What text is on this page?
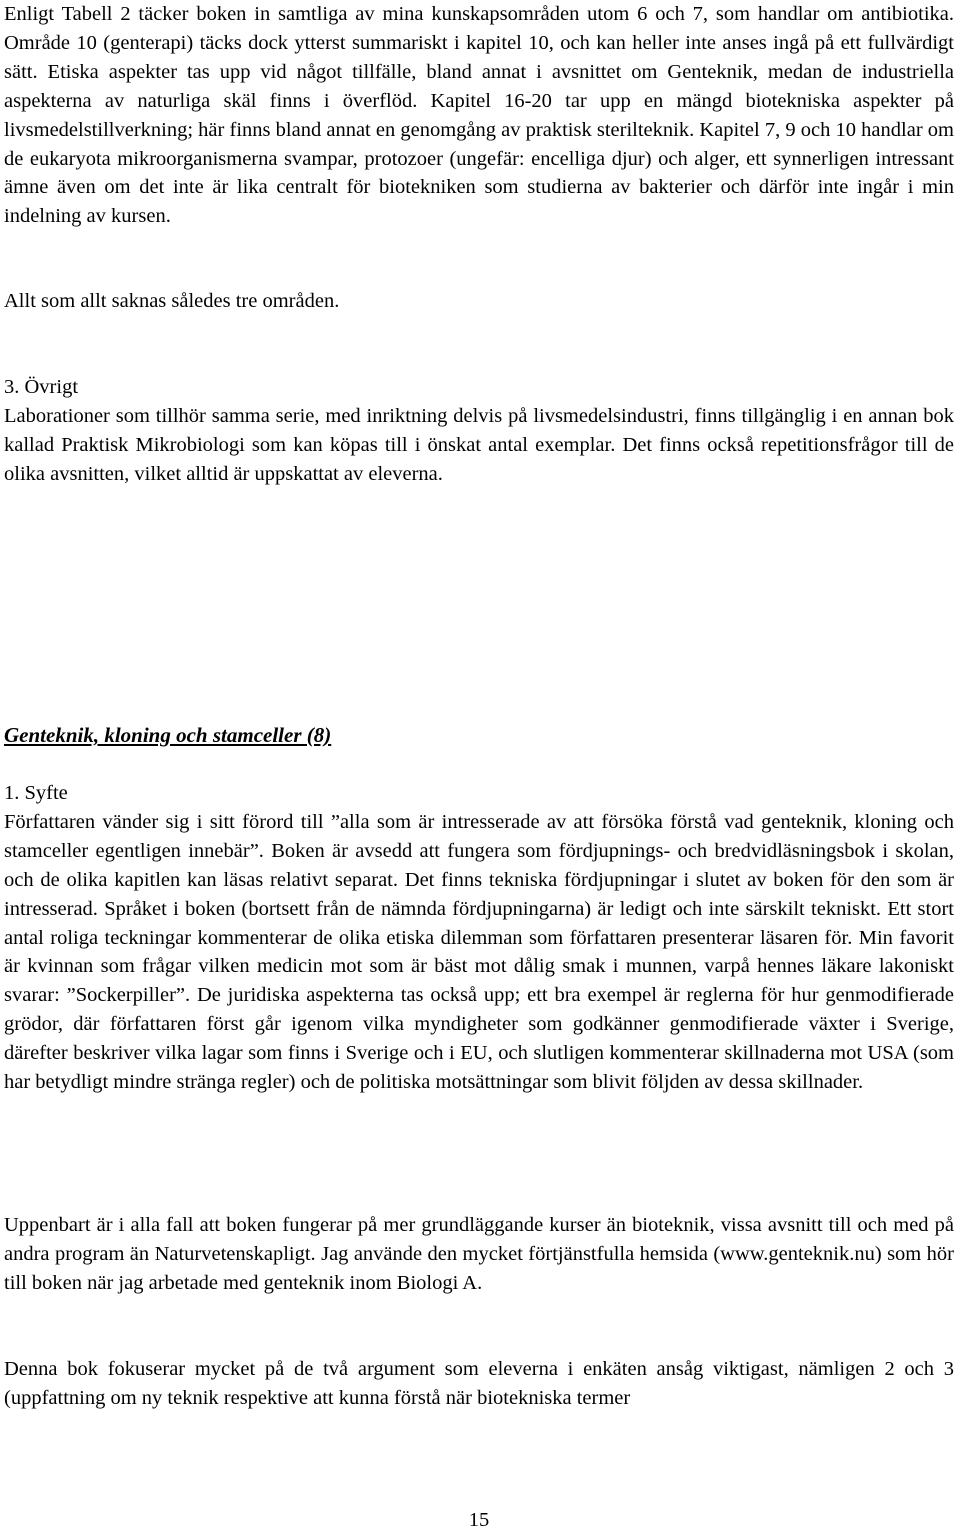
Enligt Tabell 2 täcker boken in samtliga av mina kunskapsområden utom 6 och 7, som handlar om antibiotika. Område 10 (genterapi) täcks dock ytterst summariskt i kapitel 10, och kan heller inte anses ingå på ett fullvärdigt sätt. Etiska aspekter tas upp vid något tillfälle, bland annat i avsnittet om Genteknik, medan de industriella aspekterna av naturliga skäl finns i överflöd. Kapitel 16-20 tar upp en mängd biotekniska aspekter på livsmedelstillverkning; här finns bland annat en genomgång av praktisk sterilteknik. Kapitel 7, 9 och 10 handlar om de eukaryota mikroorganismerna svampar, protozoer (ungefär: encelliga djur) och alger, ett synnerligen intressant ämne även om det inte är lika centralt för biotekniken som studierna av bakterier och därför inte ingår i min indelning av kursen.

Allt som allt saknas således tre områden.

3. Övrigt

Laborationer som tillhör samma serie, med inriktning delvis på livsmedelsindustri, finns tillgänglig i en annan bok kallad Praktisk Mikrobiologi som kan köpas till i önskat antal exemplar. Det finns också repetitionsfrågor till de olika avsnitten, vilket alltid är uppskattat av eleverna.

Genteknik, kloning och stamceller (8)

1. Syfte

Författaren vänder sig i sitt förord till ”alla som är intresserade av att försöka förstå vad genteknik, kloning och stamceller egentligen innebär”. Boken är avsedd att fungera som fördjupnings- och bredvidläsningsbok i skolan, och de olika kapitlen kan läsas relativt separat. Det finns tekniska fördjupningar i slutet av boken för den som är intresserad. Språket i boken (bortsett från de nämnda fördjupningarna) är ledigt och inte särskilt tekniskt. Ett stort antal roliga teckningar kommenterar de olika etiska dilemman som författaren presenterar läsaren för. Min favorit är kvinnan som frågar vilken medicin mot som är bäst mot dålig smak i munnen, varpå hennes läkare lakoniskt svarar: ”Sockerpiller”. De juridiska aspekterna tas också upp; ett bra exempel är reglerna för hur genmodifierade grödor, där författaren först går igenom vilka myndigheter som godkänner genmodifierade växter i Sverige, därefter beskriver vilka lagar som finns i Sverige och i EU, och slutligen kommenterar skillnaderna mot USA (som har betydligt mindre stränga regler) och de politiska motsättningar som blivit följden av dessa skillnader.

Uppenbart är i alla fall att boken fungerar på mer grundläggande kurser än bioteknik, vissa avsnitt till och med på andra program än Naturvetenskapligt. Jag använde den mycket förtjänstfulla hemsida (www.genteknik.nu) som hör till boken när jag arbetade med genteknik inom Biologi A.

Denna bok fokuserar mycket på de två argument som eleverna i enkäten ansåg viktigast, nämligen 2 och 3 (uppfattning om ny teknik respektive att kunna förstå när biotekniska termer

15
